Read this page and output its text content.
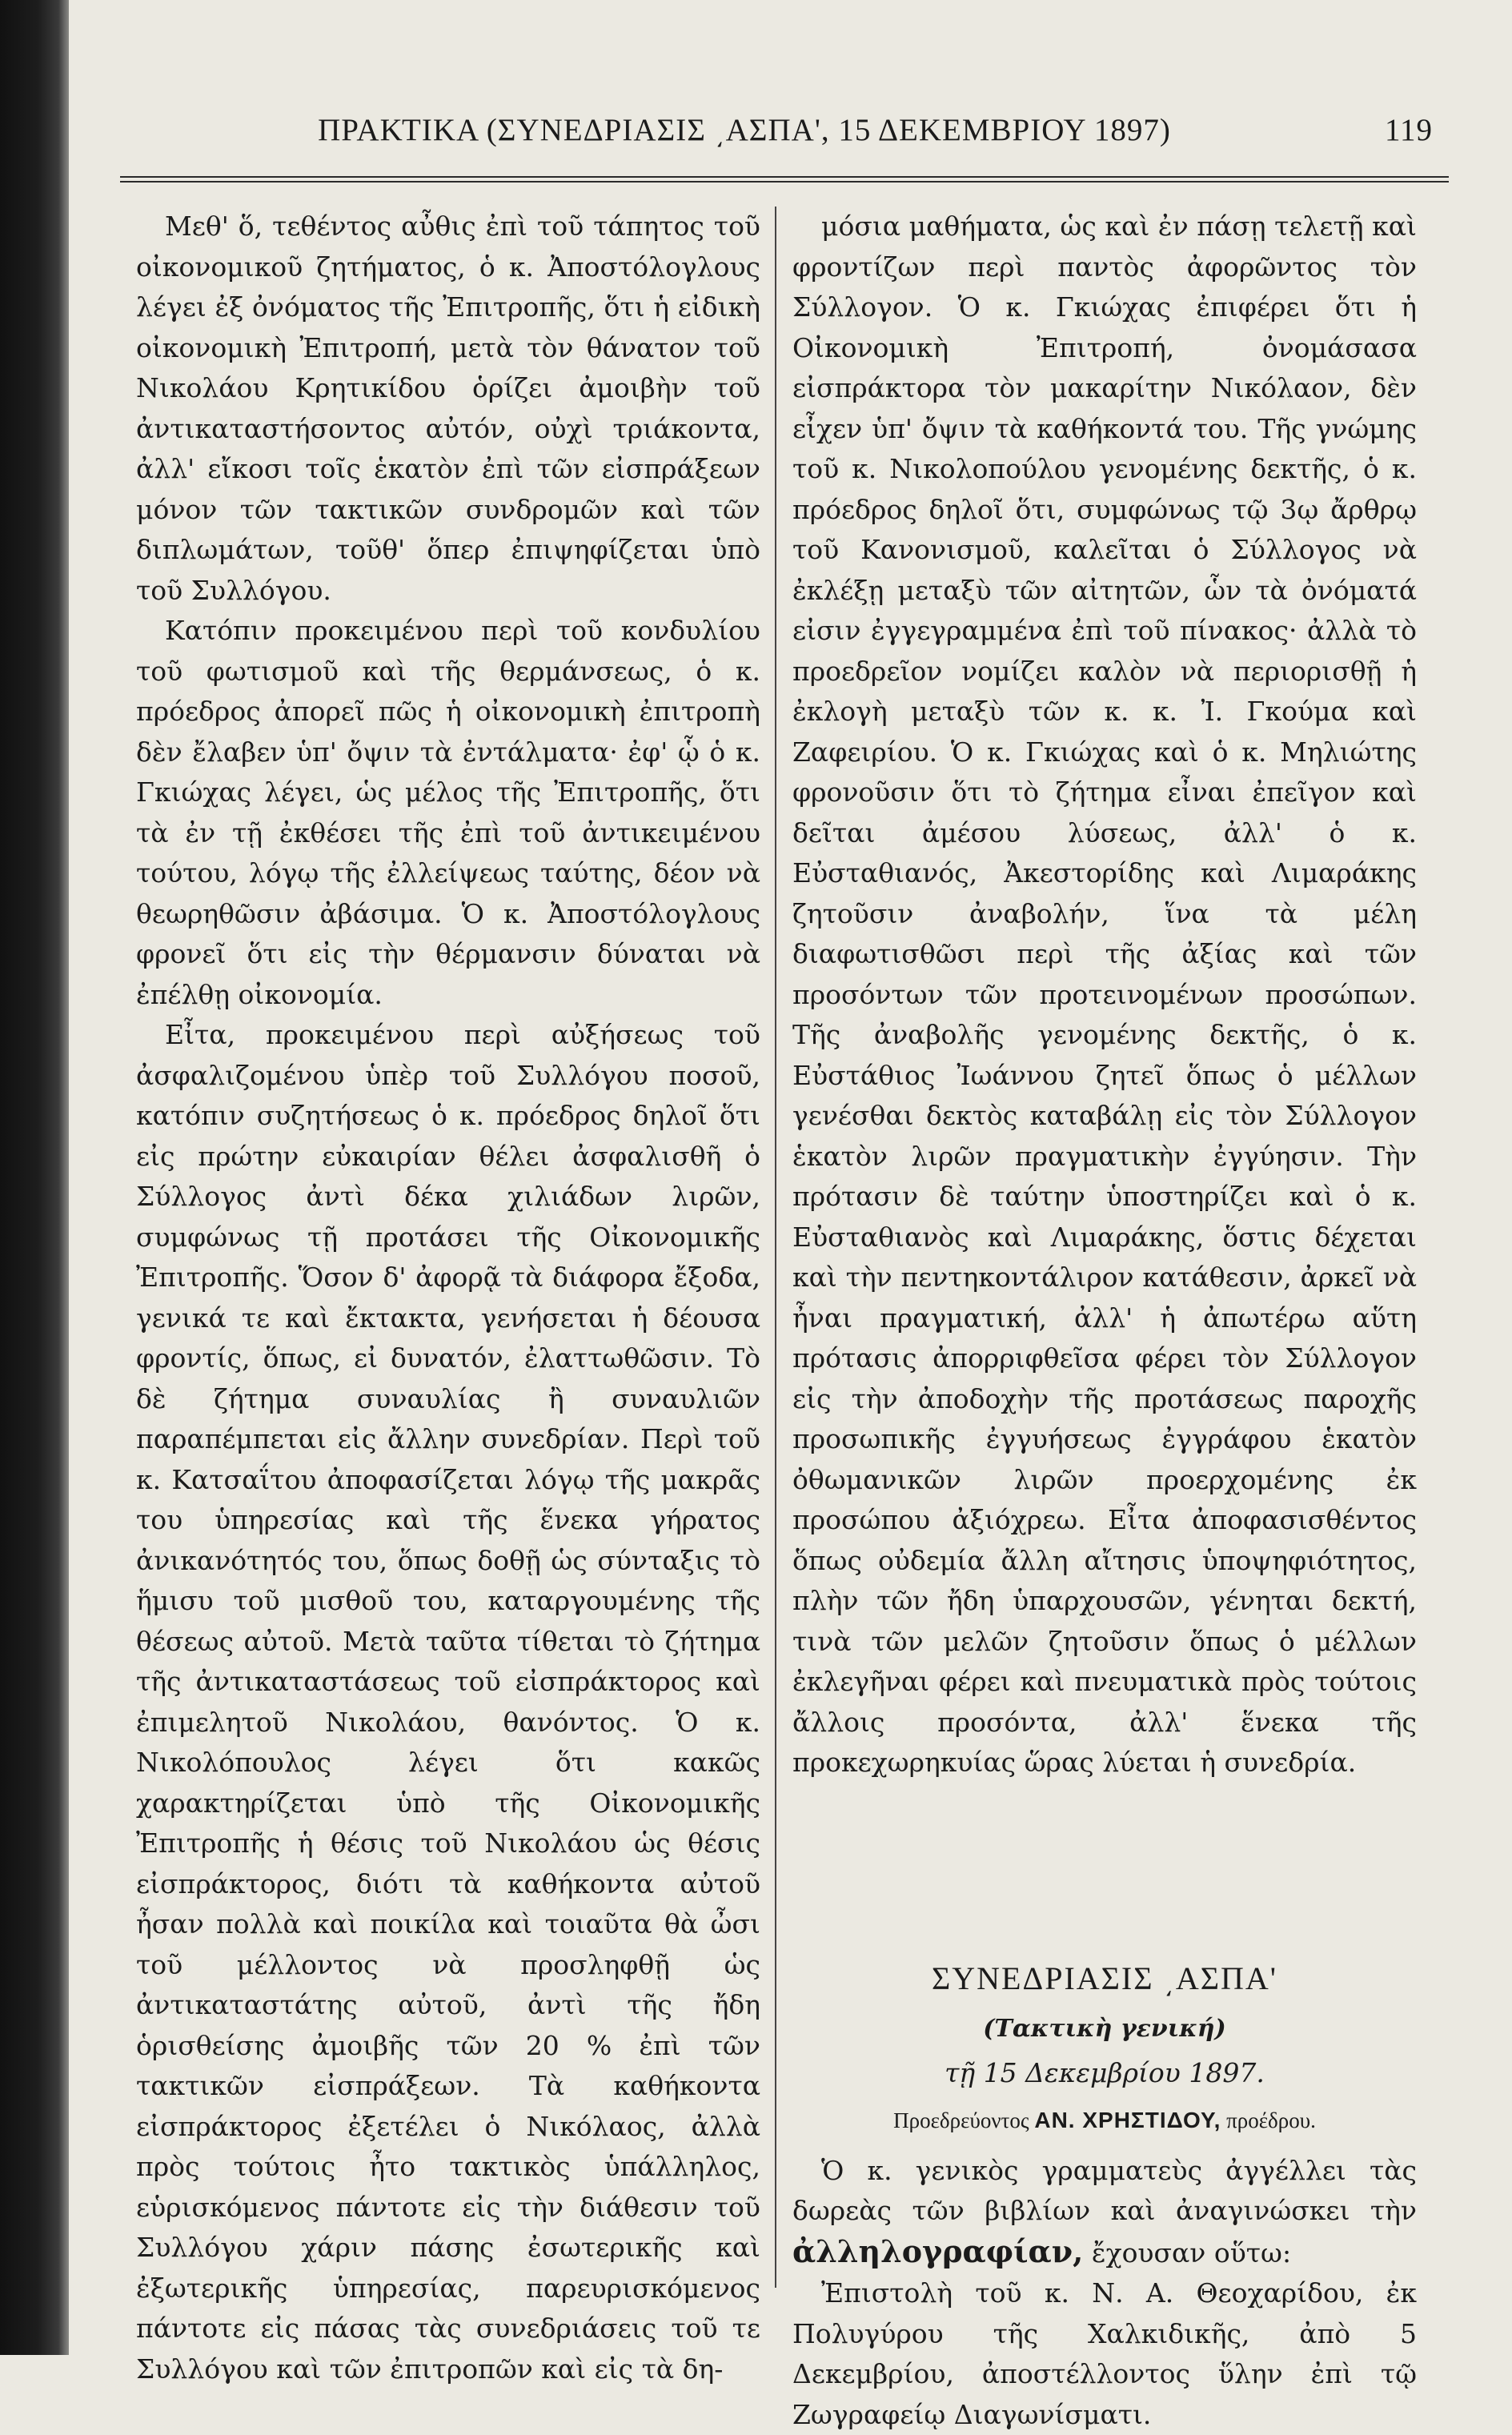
ΠΡΑΚΤΙΚΑ (ΣΥΝΕΔΡΙΑΣΙΣ ͵ΑΣΠΑ', 15 ΔΕΚΕΜΒΡΙΟΥ 1897)	119

Μεθ' ὅ, τεθέντος αὖθις ἐπὶ τοῦ τάπητος τοῦ οἰκονομικοῦ ζητήματος, ὁ κ. Ἀποστόλογλους λέγει ἐξ ὀνόματος τῆς Ἐπιτροπῆς, ὅτι ἡ εἰδικὴ οἰκονομικὴ Ἐπιτροπή, μετὰ τὸν θάνατον τοῦ Νικολάου Κρητικίδου ὁρίζει ἀμοιβὴν τοῦ ἀντικαταστήσοντος αὐτόν, οὐχὶ τριάκοντα, ἀλλ' εἴκοσι τοῖς ἑκατὸν ἐπὶ τῶν εἰσπράξεων μόνον τῶν τακτικῶν συνδρομῶν καὶ τῶν διπλωμάτων, τοῦθ' ὅπερ ἐπιψηφίζεται ὑπὸ τοῦ Συλλόγου.

Κατόπιν προκειμένου περὶ τοῦ κονδυλίου τοῦ φωτισμοῦ καὶ τῆς θερμάνσεως, ὁ κ. πρόεδρος ἀπορεῖ πῶς ἡ οἰκονομικὴ ἐπιτροπὴ δὲν ἔλαβεν ὑπ' ὄψιν τὰ ἐντάλματα· ἐφ' ᾧ ὁ κ. Γκιώχας λέγει, ὡς μέλος τῆς Ἐπιτροπῆς, ὅτι τὰ ἐν τῇ ἐκθέσει τῆς ἐπὶ τοῦ ἀντικειμένου τούτου, λόγῳ τῆς ἐλλείψεως ταύτης, δέον νὰ θεωρηθῶσιν ἀβάσιμα. Ὁ κ. Ἀποστόλογλους φρονεῖ ὅτι εἰς τὴν θέρμανσιν δύναται νὰ ἐπέλθῃ οἰκονομία.

Εἶτα, προκειμένου περὶ αὐξήσεως τοῦ ἀσφαλιζομένου ὑπὲρ τοῦ Συλλόγου ποσοῦ, κατόπιν συζητήσεως ὁ κ. πρόεδρος δηλοῖ ὅτι εἰς πρώτην εὐκαιρίαν θέλει ἀσφαλισθῆ ὁ Σύλλογος ἀντὶ δέκα χιλιάδων λιρῶν, συμφώνως τῇ προτάσει τῆς Οἰκονομικῆς Ἐπιτροπῆς. Ὅσον δ' ἀφορᾷ τὰ διάφορα ἔξοδα, γενικά τε καὶ ἔκτακτα, γενήσεται ἡ δέουσα φροντίς, ὅπως, εἰ δυνατόν, ἐλαττωθῶσιν. Τὸ δὲ ζήτημα συναυλίας ἢ συναυλιῶν παραπέμπεται εἰς ἄλλην συνεδρίαν. Περὶ τοῦ κ. Κατσαΐτου ἀποφασίζεται λόγῳ τῆς μακρᾶς του ὑπηρεσίας καὶ τῆς ἕνεκα γήρατος ἀνικανότητός του, ὅπως δοθῇ ὡς σύνταξις τὸ ἥμισυ τοῦ μισθοῦ του, καταργουμένης τῆς θέσεως αὐτοῦ. Μετὰ ταῦτα τίθεται τὸ ζήτημα τῆς ἀντικαταστάσεως τοῦ εἰσπράκτορος καὶ ἐπιμελητοῦ Νικολάου, θανόντος. Ὁ κ. Νικολόπουλος λέγει ὅτι κακῶς χαρακτηρίζεται ὑπὸ τῆς Οἰκονομικῆς Ἐπιτροπῆς ἡ θέσις τοῦ Νικολάου ὡς θέσις εἰσπράκτορος, διότι τὰ καθήκοντα αὐτοῦ ἦσαν πολλὰ καὶ ποικίλα καὶ τοιαῦτα θὰ ὦσι τοῦ μέλλοντος νὰ προσληφθῇ ὡς ἀντικαταστάτης αὐτοῦ, ἀντὶ τῆς ἤδη ὁρισθείσης ἀμοιβῆς τῶν 20 % ἐπὶ τῶν τακτικῶν εἰσπράξεων. Τὰ καθήκοντα εἰσπράκτορος ἐξετέλει ὁ Νικόλαος, ἀλλὰ πρὸς τούτοις ἦτο τακτικὸς ὑπάλληλος, εὑρισκόμενος πάντοτε εἰς τὴν διάθεσιν τοῦ Συλλόγου χάριν πάσης ἐσωτερικῆς καὶ ἐξωτερικῆς ὑπηρεσίας, παρευρισκόμενος πάντοτε εἰς πάσας τὰς συνεδριάσεις τοῦ τε Συλλόγου καὶ τῶν ἐπιτροπῶν καὶ εἰς τὰ δη-

μόσια μαθήματα, ὡς καὶ ἐν πάσῃ τελετῇ καὶ φροντίζων περὶ παντὸς ἀφορῶντος τὸν Σύλλογον. Ὁ κ. Γκιώχας ἐπιφέρει ὅτι ἡ Οἰκονομικὴ Ἐπιτροπή, ὀνομάσασα εἰσπράκτορα τὸν μακαρίτην Νικόλαον, δὲν εἶχεν ὑπ' ὄψιν τὰ καθήκοντά του. Τῆς γνώμης τοῦ κ. Νικολοπούλου γενομένης δεκτῆς, ὁ κ. πρόεδρος δηλοῖ ὅτι, συμφώνως τῷ 3ῳ ἄρθρῳ τοῦ Κανονισμοῦ, καλεῖται ὁ Σύλλογος νὰ ἐκλέξῃ μεταξὺ τῶν αἰτητῶν, ὧν τὰ ὀνόματά εἰσιν ἐγγεγραμμένα ἐπὶ τοῦ πίνακος· ἀλλὰ τὸ προεδρεῖον νομίζει καλὸν νὰ περιορισθῇ ἡ ἐκλογὴ μεταξὺ τῶν κ. κ. Ἰ. Γκούμα καὶ Ζαφειρίου. Ὁ κ. Γκιώχας καὶ ὁ κ. Μηλιώτης φρονοῦσιν ὅτι τὸ ζήτημα εἶναι ἐπεῖγον καὶ δεῖται ἀμέσου λύσεως, ἀλλ' ὁ κ. Εὐσταθιανός, Ἀκεστορίδης καὶ Λιμαράκης ζητοῦσιν ἀναβολήν, ἵνα τὰ μέλη διαφωτισθῶσι περὶ τῆς ἀξίας καὶ τῶν προσόντων τῶν προτεινομένων προσώπων. Τῆς ἀναβολῆς γενομένης δεκτῆς, ὁ κ. Εὐστάθιος Ἰωάννου ζητεῖ ὅπως ὁ μέλλων γενέσθαι δεκτὸς καταβάλῃ εἰς τὸν Σύλλογον ἑκατὸν λιρῶν πραγματικὴν ἐγγύησιν. Τὴν πρότασιν δὲ ταύτην ὑποστηρίζει καὶ ὁ κ. Εὐσταθιανὸς καὶ Λιμαράκης, ὅστις δέχεται καὶ τὴν πεντηκοντάλιρον κατάθεσιν, ἀρκεῖ νὰ ἦναι πραγματική, ἀλλ' ἡ ἀπωτέρω αὕτη πρότασις ἀπορριφθεῖσα φέρει τὸν Σύλλογον εἰς τὴν ἀποδοχὴν τῆς προτάσεως παροχῆς προσωπικῆς ἐγγυήσεως ἐγγράφου ἑκατὸν ὀθωμανικῶν λιρῶν προερχομένης ἐκ προσώπου ἀξιόχρεω. Εἶτα ἀποφασισθέντος ὅπως οὐδεμία ἄλλη αἴτησις ὑποψηφιότητος, πλὴν τῶν ἤδη ὑπαρχουσῶν, γένηται δεκτή, τινὰ τῶν μελῶν ζητοῦσιν ὅπως ὁ μέλλων ἐκλεγῆναι φέρει καὶ πνευματικὰ πρὸς τούτοις ἄλλοις προσόντα, ἀλλ' ἕνεκα τῆς προκεχωρηκυίας ὥρας λύεται ἡ συνεδρία.

ΣΥΝΕΔΡΙΑΣΙΣ ͵ΑΣΠΑ'
(Τακτικὴ γενική)
τῇ 15 Δεκεμβρίου 1897.
Προεδρεύοντος ΑΝ. ΧΡΗΣΤΙΔΟΥ, προέδρου.

Ὁ κ. γενικὸς γραμματεὺς ἀγγέλλει τὰς δωρεὰς τῶν βιβλίων καὶ ἀναγινώσκει τὴν ἀλληλογραφίαν, ἔχουσαν οὕτω:

Ἐπιστολὴ τοῦ κ. Ν. Α. Θεοχαρίδου, ἐκ Πολυγύρου τῆς Χαλκιδικῆς, ἀπὸ 5 Δεκεμβρίου, ἀποστέλλοντος ὕλην ἐπὶ τῷ Ζωγραφείῳ Διαγωνίσματι.
